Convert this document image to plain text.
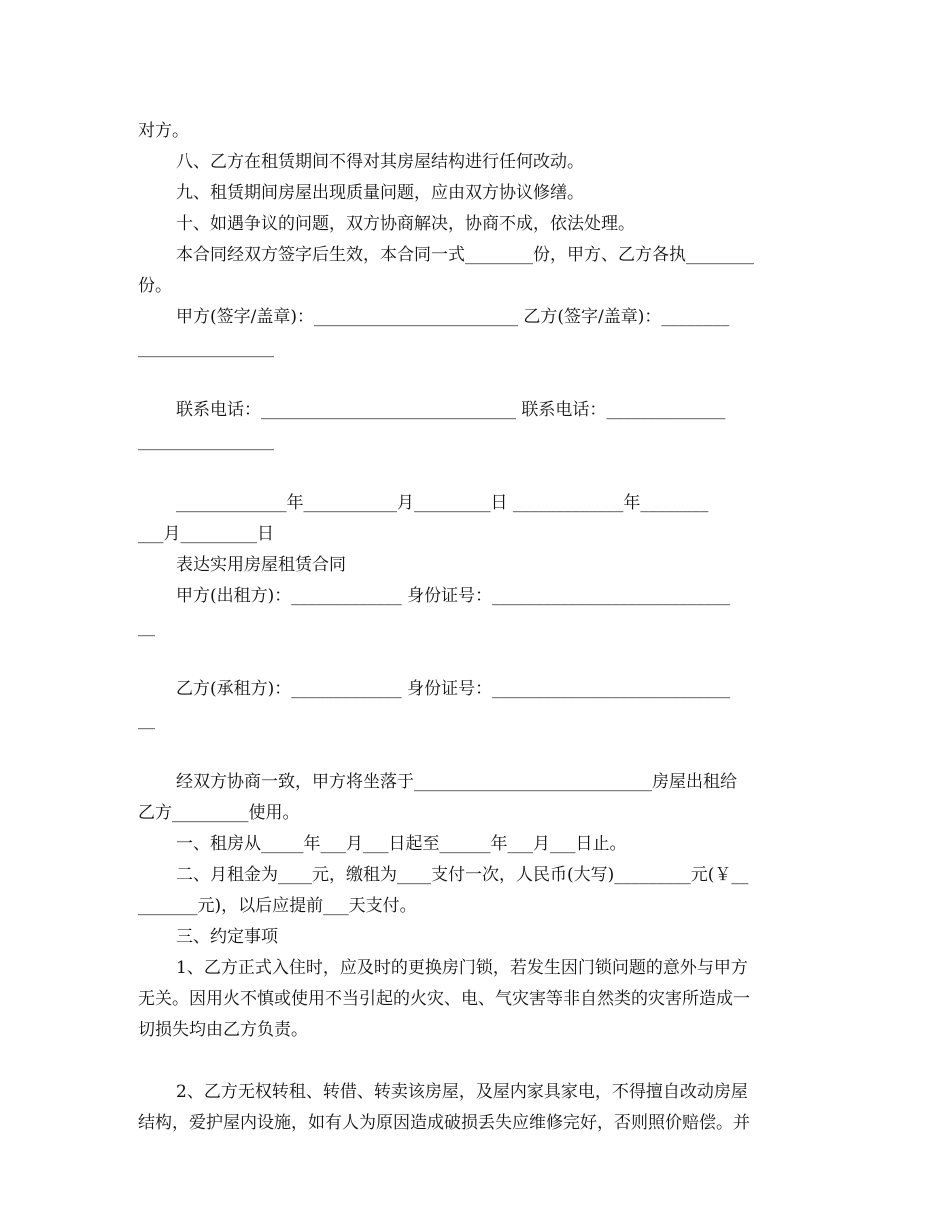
对方。
八、乙方在租赁期间不得对其房屋结构进行任何改动。
九、租赁期间房屋出现质量问题，应由双方协议修缮。
十、如遇争议的问题，双方协商解决，协商不成，依法处理。
本合同经双方签字后生效，本合同一式________份，甲方、乙方各执________
份。
甲方(签字/盖章)：________________________ 乙方(签字/盖章)：________
________________
联系电话：______________________________ 联系电话：______________
________________
_____________年___________月_________日 _____________年________
___月_________日
表达实用房屋租赁合同
甲方(出租方)：_____________ 身份证号：____________________________
__
乙方(承租方)：_____________ 身份证号：____________________________
__
经双方协商一致，甲方将坐落于____________________________房屋出租给
乙方_________使用。
一、租房从_____年___月___日起至______年___月___日止。
二、月租金为____元，缴租为____支付一次，人民币(大写)_________元(￥__
_______元)，以后应提前___天支付。
三、约定事项
1、乙方正式入住时，应及时的更换房门锁，若发生因门锁问题的意外与甲方
无关。因用火不慎或使用不当引起的火灾、电、气灾害等非自然类的灾害所造成一
切损失均由乙方负责。
2、乙方无权转租、转借、转卖该房屋，及屋内家具家电，不得擅自改动房屋
结构，爱护屋内设施，如有人为原因造成破损丢失应维修完好，否则照价赔偿。并
